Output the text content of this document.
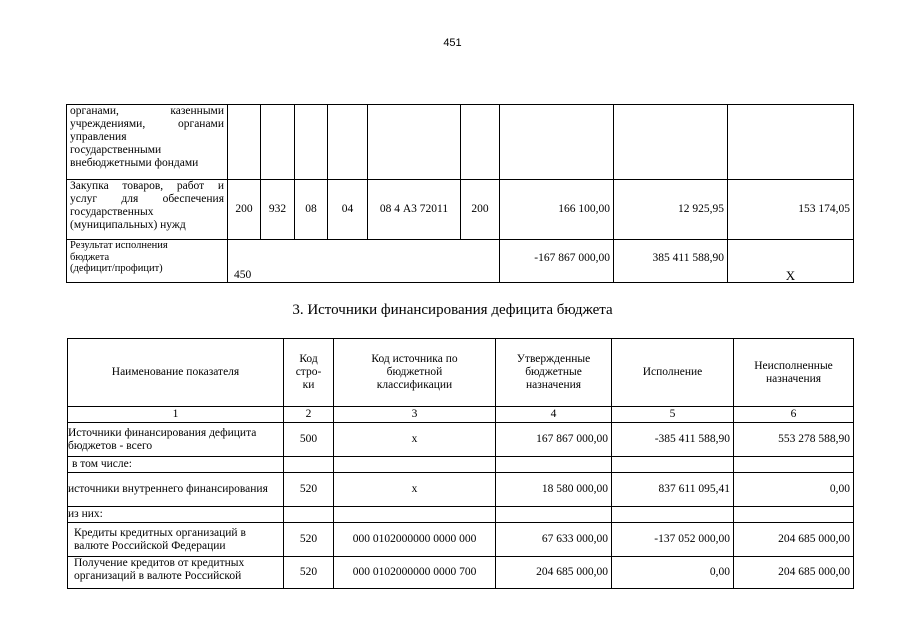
451
органами, казенными
учреждениями, органами
управления
государственными
внебюджетными фондами									

Закупка товаров, работ и
услуг для обеспечения
государственных
(муниципальных) нужд	200	932	08	04	08 4 А3 72011	200	166 100,00	12 925,95	153 174,05

Результат исполнения
бюджета
(дефицит/профицит)	450						-167 867 000,00	385 411 588,90	X
3. Источники финансирования дефицита бюджета
Наименование показателя	Код стро- ки	Код источника по бюджетной классификации	Утвержденные бюджетные назначения	Исполнение	Неисполненные назначения
1	2	3	4	5	6
Источники финансирования дефицита бюджетов - всего	500	x	167 867 000,00	-385 411 588,90	553 278 588,90
в том числе:					
источники внутреннего финансирования	520	x	18 580 000,00	837 611 095,41	0,00
из них:					
Кредиты кредитных организаций в валюте Российской Федерации	520	000 0102000000 0000 000	67 633 000,00	-137 052 000,00	204 685 000,00
Получение кредитов от кредитных организаций в валюте Российской	520	000 0102000000 0000 700	204 685 000,00	0,00	204 685 000,00
